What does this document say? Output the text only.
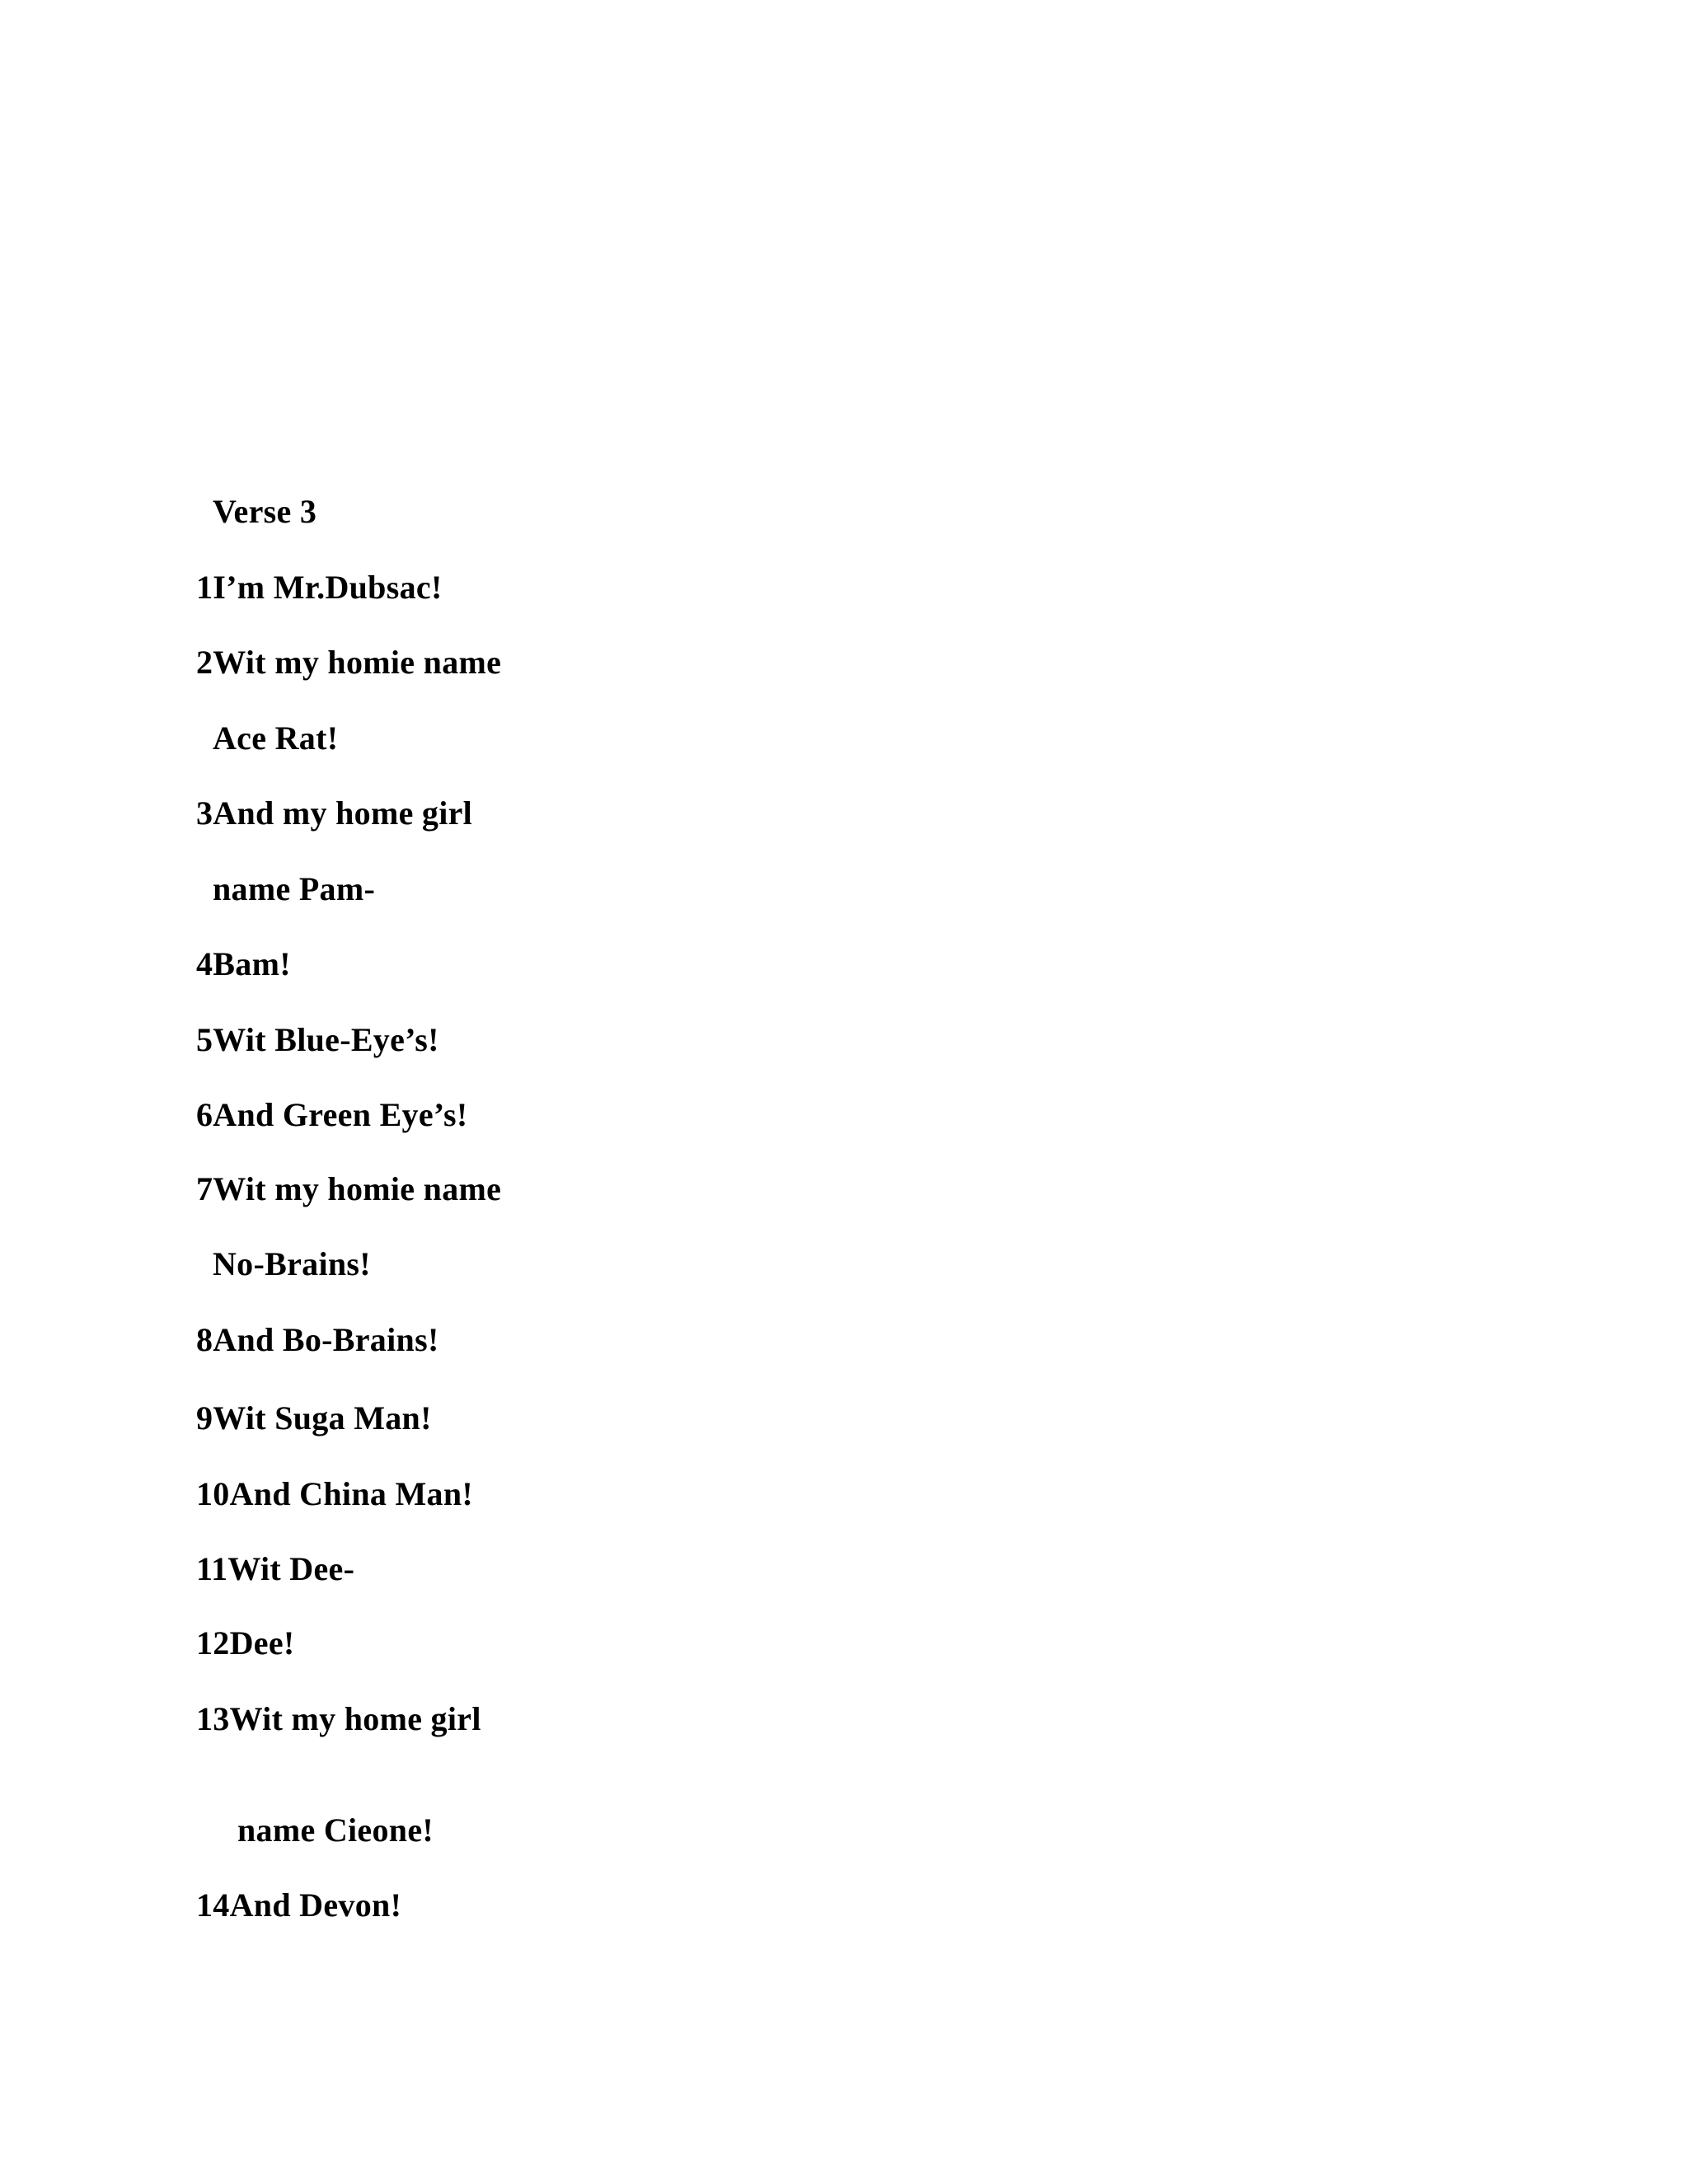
Verse 3
1I’m Mr.Dubsac!
2Wit my homie name
Ace Rat!
3And my home girl
name Pam-
4Bam!
5Wit Blue-Eye’s!
6And Green Eye’s!
7Wit my homie name
No-Brains!
8And Bo-Brains!
9Wit Suga Man!
10And China Man!
11Wit Dee-
12Dee!
13Wit my home girl
name Cieone!
14And Devon!
